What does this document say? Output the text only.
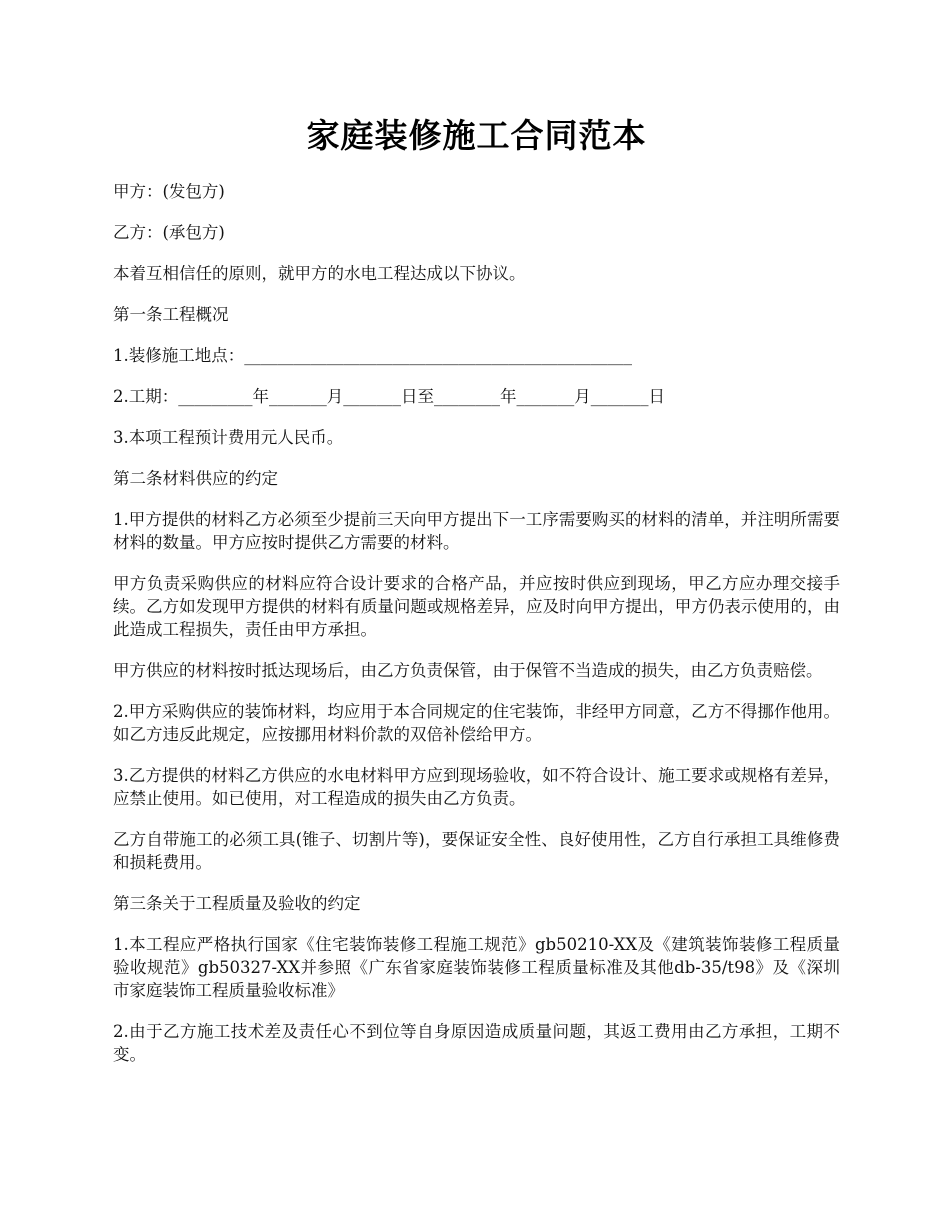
家庭装修施工合同范本

甲方：(发包方)

乙方：(承包方)

本着互相信任的原则，就甲方的水电工程达成以下协议。

第一条工程概况

1.装修施工地点：_______________________________________________

2.工期：_________年_______月_______日至________年_______月_______日

3.本项工程预计费用元人民币。

第二条材料供应的约定

1.甲方提供的材料乙方必须至少提前三天向甲方提出下一工序需要购买的材料的清单，并注明所需要材料的数量。甲方应按时提供乙方需要的材料。

甲方负责采购供应的材料应符合设计要求的合格产品，并应按时供应到现场，甲乙方应办理交接手续。乙方如发现甲方提供的材料有质量问题或规格差异，应及时向甲方提出，甲方仍表示使用的，由此造成工程损失，责任由甲方承担。

甲方供应的材料按时抵达现场后，由乙方负责保管，由于保管不当造成的损失，由乙方负责赔偿。

2.甲方采购供应的装饰材料，均应用于本合同规定的住宅装饰，非经甲方同意，乙方不得挪作他用。如乙方违反此规定，应按挪用材料价款的双倍补偿给甲方。

3.乙方提供的材料乙方供应的水电材料甲方应到现场验收，如不符合设计、施工要求或规格有差异，应禁止使用。如已使用，对工程造成的损失由乙方负责。

乙方自带施工的必须工具(锥子、切割片等)，要保证安全性、良好使用性，乙方自行承担工具维修费和损耗费用。

第三条关于工程质量及验收的约定

1.本工程应严格执行国家《住宅装饰装修工程施工规范》gb50210-XX及《建筑装饰装修工程质量验收规范》gb50327-XX并参照《广东省家庭装饰装修工程质量标准及其他db-35/t98》及《深圳市家庭装饰工程质量验收标准》

2.由于乙方施工技术差及责任心不到位等自身原因造成质量问题，其返工费用由乙方承担，工期不变。
